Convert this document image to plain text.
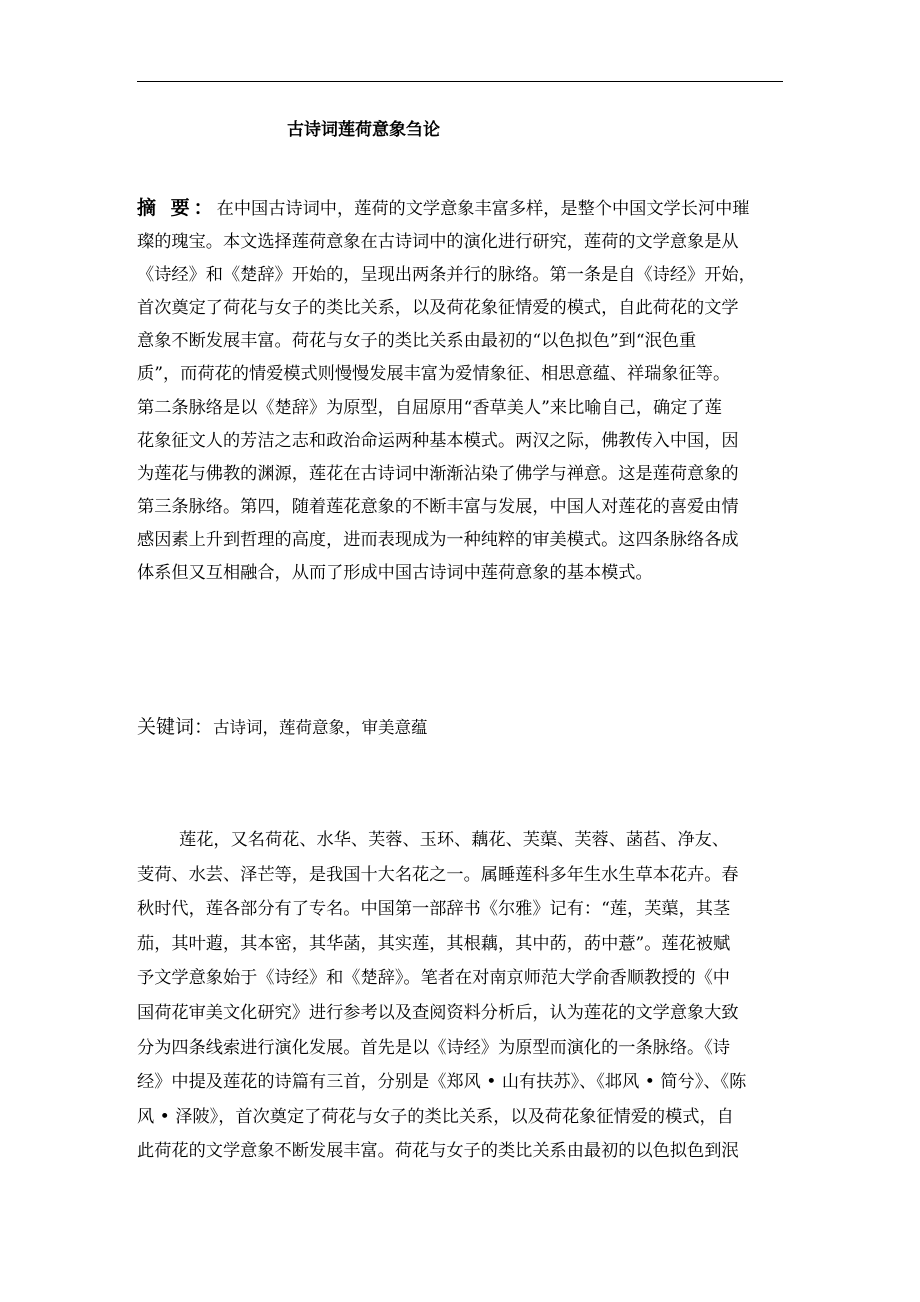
古诗词莲荷意象刍论
摘 要：在中国古诗词中，莲荷的文学意象丰富多样，是整个中国文学长河中璀
璨的瑰宝。本文选择莲荷意象在古诗词中的演化进行研究，莲荷的文学意象是从
《诗经》和《楚辞》开始的，呈现出两条并行的脉络。第一条是自《诗经》开始，
首次奠定了荷花与女子的类比关系，以及荷花象征情爱的模式，自此荷花的文学
意象不断发展丰富。荷花与女子的类比关系由最初的“以色拟色”到“泯色重
质”，而荷花的情爱模式则慢慢发展丰富为爱情象征、相思意蕴、祥瑞象征等。
第二条脉络是以《楚辞》为原型，自屈原用“香草美人”来比喻自己，确定了莲
花象征文人的芳洁之志和政治命运两种基本模式。两汉之际，佛教传入中国，因
为莲花与佛教的渊源，莲花在古诗词中渐渐沾染了佛学与禅意。这是莲荷意象的
第三条脉络。第四，随着莲花意象的不断丰富与发展，中国人对莲花的喜爱由情
感因素上升到哲理的高度，进而表现成为一种纯粹的审美模式。这四条脉络各成
体系但又互相融合，从而了形成中国古诗词中莲荷意象的基本模式。
关键词：古诗词，莲荷意象，审美意蕴
莲花，又名荷花、水华、芙蓉、玉环、藕花、芙蕖、芙蓉、菡萏、净友、
芰荷、水芸、泽芒等，是我国十大名花之一。属睡莲科多年生水生草本花卉。春
秋时代，莲各部分有了专名。中国第一部辞书《尔雅》记有：“莲，芙蕖，其茎
茄，其叶蕸，其本密，其华菡，其实莲，其根藕，其中菂，菂中薏”。莲花被赋
予文学意象始于《诗经》和《楚辞》。笔者在对南京师范大学俞香顺教授的《中
国荷花审美文化研究》进行参考以及查阅资料分析后，认为莲花的文学意象大致
分为四条线索进行演化发展。首先是以《诗经》为原型而演化的一条脉络。《诗
经》中提及莲花的诗篇有三首，分别是《郑风 • 山有扶苏》、《邶风 • 简兮》、《陈
风 • 泽陂》，首次奠定了荷花与女子的类比关系，以及荷花象征情爱的模式，自
此荷花的文学意象不断发展丰富。荷花与女子的类比关系由最初的以色拟色到泯
